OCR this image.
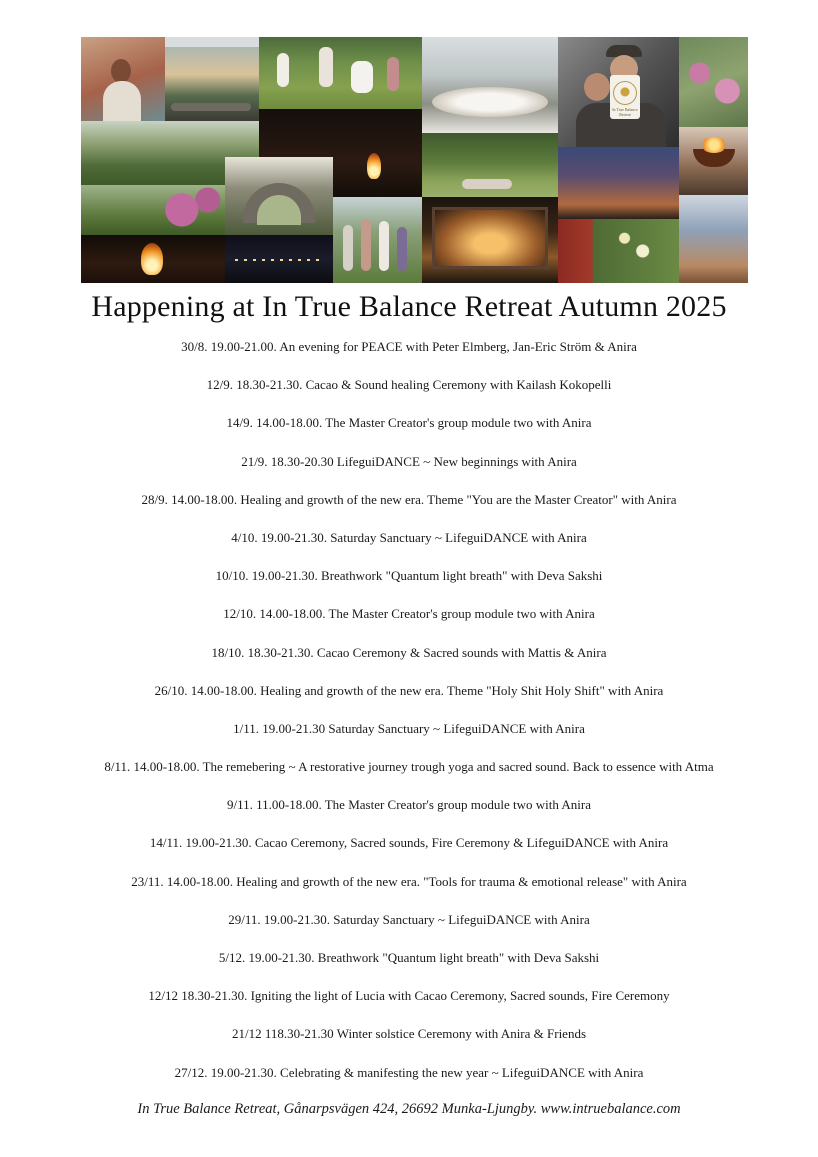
In True Balance Retreat
Happening at In True Balance Retreat Autumn 2025
30/8. 19.00-21.00. An evening for PEACE with Peter Elmberg, Jan-Eric Ström & Anira
12/9. 18.30-21.30. Cacao & Sound healing Ceremony with Kailash Kokopelli
14/9. 14.00-18.00. The Master Creator's group module two with Anira
21/9. 18.30-20.30 LifeguiDANCE ~ New beginnings with Anira
28/9. 14.00-18.00. Healing and growth of the new era. Theme "You are the Master Creator" with Anira
4/10. 19.00-21.30. Saturday Sanctuary ~ LifeguiDANCE with Anira
10/10. 19.00-21.30. Breathwork "Quantum light breath" with Deva Sakshi
12/10. 14.00-18.00. The Master Creator's group module two with Anira
18/10. 18.30-21.30. Cacao Ceremony & Sacred sounds with Mattis & Anira
26/10. 14.00-18.00. Healing and growth of the new era. Theme "Holy Shit Holy Shift" with Anira
1/11. 19.00-21.30 Saturday Sanctuary ~ LifeguiDANCE with Anira
8/11. 14.00-18.00. The remebering ~ A restorative journey trough yoga and sacred sound. Back to essence with Atma
9/11. 11.00-18.00. The Master Creator's group module two with Anira
14/11. 19.00-21.30. Cacao Ceremony, Sacred sounds, Fire Ceremony & LifeguiDANCE with Anira
23/11. 14.00-18.00. Healing and growth of the new era. "Tools for trauma & emotional release" with Anira
29/11. 19.00-21.30. Saturday Sanctuary ~ LifeguiDANCE with Anira
5/12. 19.00-21.30. Breathwork "Quantum light breath" with Deva Sakshi
12/12 18.30-21.30. Igniting the light of Lucia with Cacao Ceremony, Sacred sounds, Fire Ceremony
21/12 118.30-21.30 Winter solstice Ceremony with Anira & Friends
27/12. 19.00-21.30. Celebrating & manifesting the new year ~ LifeguiDANCE with Anira
In True Balance Retreat, Gånarpsvägen 424, 26692 Munka-Ljungby. www.intruebalance.com
